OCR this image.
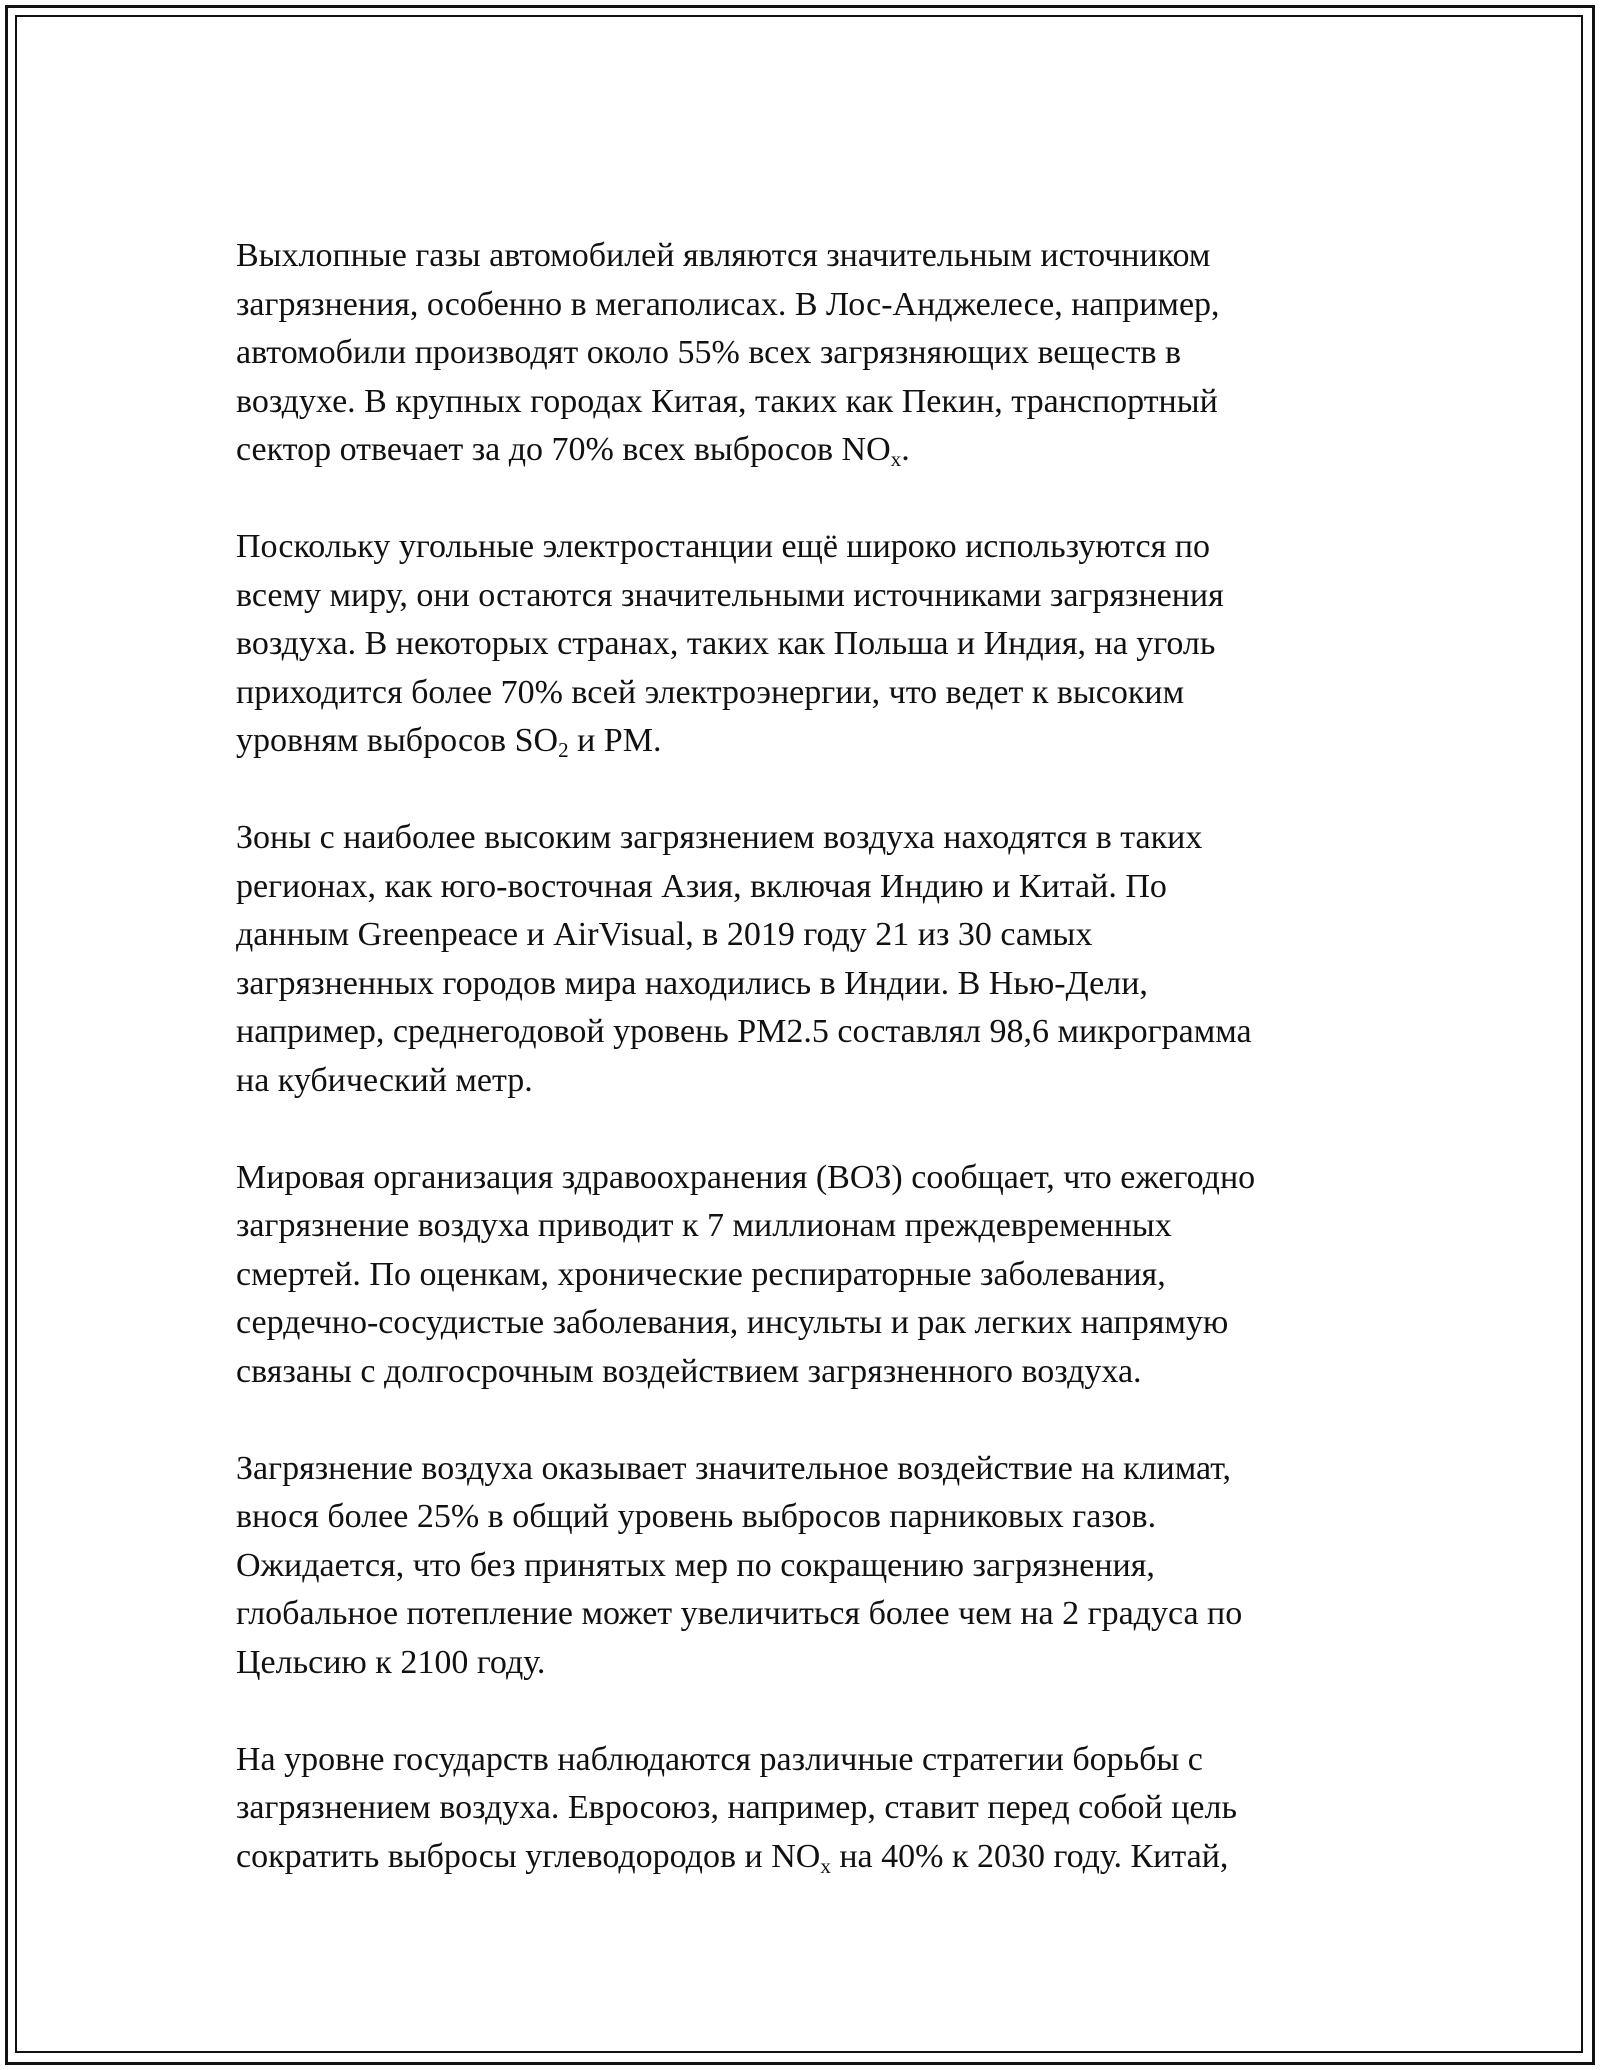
Выхлопные газы автомобилей являются значительным источником
загрязнения, особенно в мегаполисах. В Лос-Анджелесе, например,
автомобили производят около 55% всех загрязняющих веществ в
воздухе. В крупных городах Китая, таких как Пекин, транспортный
сектор отвечает за до 70% всех выбросов $NO_x$.

Поскольку угольные электростанции ещё широко используются по
всему миру, они остаются значительными источниками загрязнения
воздуха. В некоторых странах, таких как Польша и Индия, на уголь
приходится более 70% всей электроэнергии, что ведет к высоким
уровням выбросов $SO_2$ и PM.

Зоны с наиболее высоким загрязнением воздуха находятся в таких
регионах, как юго-восточная Азия, включая Индию и Китай. По
данным Greenpeace и AirVisual, в 2019 году 21 из 30 самых
загрязненных городов мира находились в Индии. В Нью-Дели,
например, среднегодовой уровень PM2.5 составлял 98,6 микрограмма
на кубический метр.

Мировая организация здравоохранения (ВОЗ) сообщает, что ежегодно
загрязнение воздуха приводит к 7 миллионам преждевременных
смертей. По оценкам, хронические респираторные заболевания,
сердечно-сосудистые заболевания, инсульты и рак легких напрямую
связаны с долгосрочным воздействием загрязненного воздуха.

Загрязнение воздуха оказывает значительное воздействие на климат,
внося более 25% в общий уровень выбросов парниковых газов.
Ожидается, что без принятых мер по сокращению загрязнения,
глобальное потепление может увеличиться более чем на 2 градуса по
Цельсию к 2100 году.

На уровне государств наблюдаются различные стратегии борьбы с
загрязнением воздуха. Евросоюз, например, ставит перед собой цель
сократить выбросы углеводородов и $NO_x$ на 40% к 2030 году. Китай,
